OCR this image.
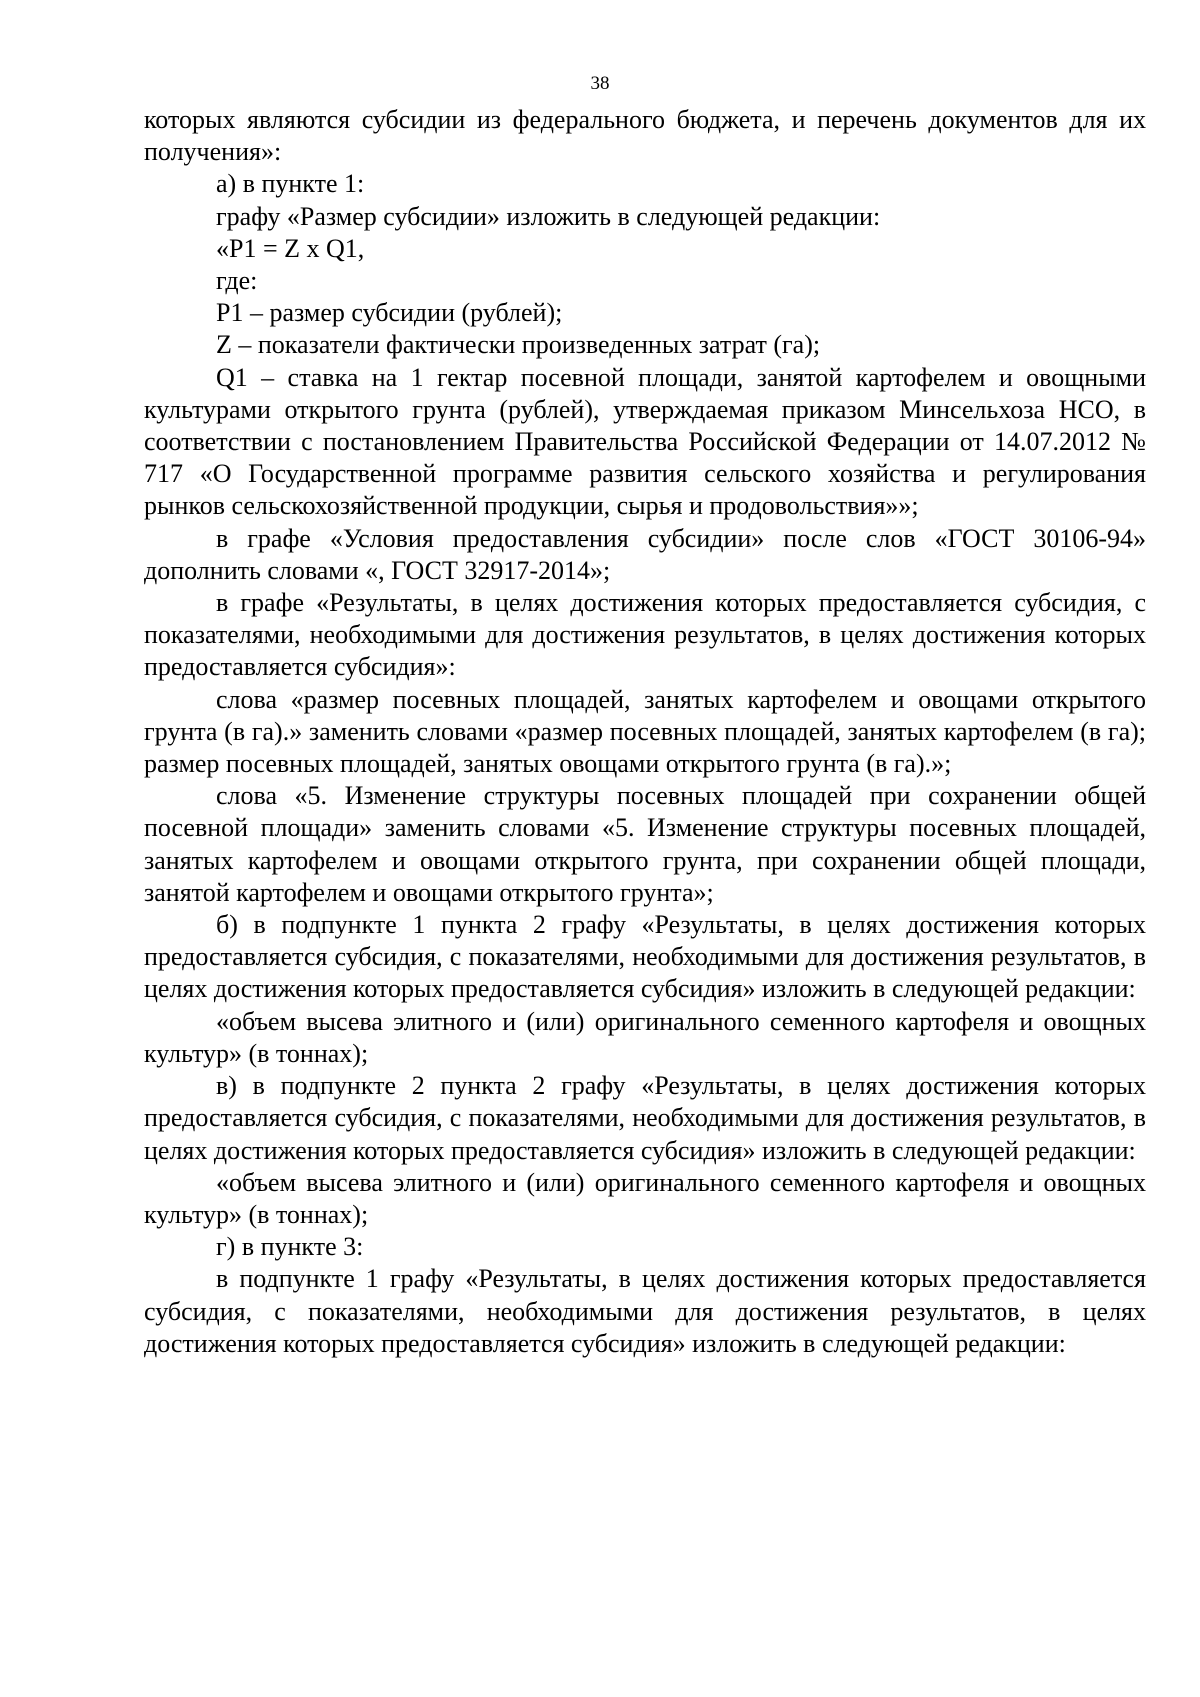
38

которых являются субсидии из федерального бюджета, и перечень документов для их получения»:

а) в пункте 1:

графу «Размер субсидии» изложить в следующей редакции:

«P1 = Z x Q1,

где:

P1 – размер субсидии (рублей);

Z – показатели фактически произведенных затрат (га);

Q1 – ставка на 1 гектар посевной площади, занятой картофелем и овощными культурами открытого грунта (рублей), утверждаемая приказом Минсельхоза НСО, в соответствии с постановлением Правительства Российской Федерации от 14.07.2012 № 717 «О Государственной программе развития сельского хозяйства и регулирования рынков сельскохозяйственной продукции, сырья и продовольствия»»;

в графе «Условия предоставления субсидии» после слов «ГОСТ 30106-94» дополнить словами «, ГОСТ 32917-2014»;

в графе «Результаты, в целях достижения которых предоставляется субсидия, с показателями, необходимыми для достижения результатов, в целях достижения которых предоставляется субсидия»:

слова «размер посевных площадей, занятых картофелем и овощами открытого грунта (в га).» заменить словами «размер посевных площадей, занятых картофелем (в га); размер посевных площадей, занятых овощами открытого грунта (в га).»;

слова «5. Изменение структуры посевных площадей при сохранении общей посевной площади» заменить словами «5. Изменение структуры посевных площадей, занятых картофелем и овощами открытого грунта, при сохранении общей площади, занятой картофелем и овощами открытого грунта»;

б) в подпункте 1 пункта 2 графу «Результаты, в целях достижения которых предоставляется субсидия, с показателями, необходимыми для достижения результатов, в целях достижения которых предоставляется субсидия» изложить в следующей редакции:

«объем высева элитного и (или) оригинального семенного картофеля и овощных культур» (в тоннах);

в) в подпункте 2 пункта 2 графу «Результаты, в целях достижения которых предоставляется субсидия, с показателями, необходимыми для достижения результатов, в целях достижения которых предоставляется субсидия» изложить в следующей редакции:

«объем высева элитного и (или) оригинального семенного картофеля и овощных культур» (в тоннах);

г) в пункте 3:

в подпункте 1 графу «Результаты, в целях достижения которых предоставляется субсидия, с показателями, необходимыми для достижения результатов, в целях достижения которых предоставляется субсидия» изложить в следующей редакции:
